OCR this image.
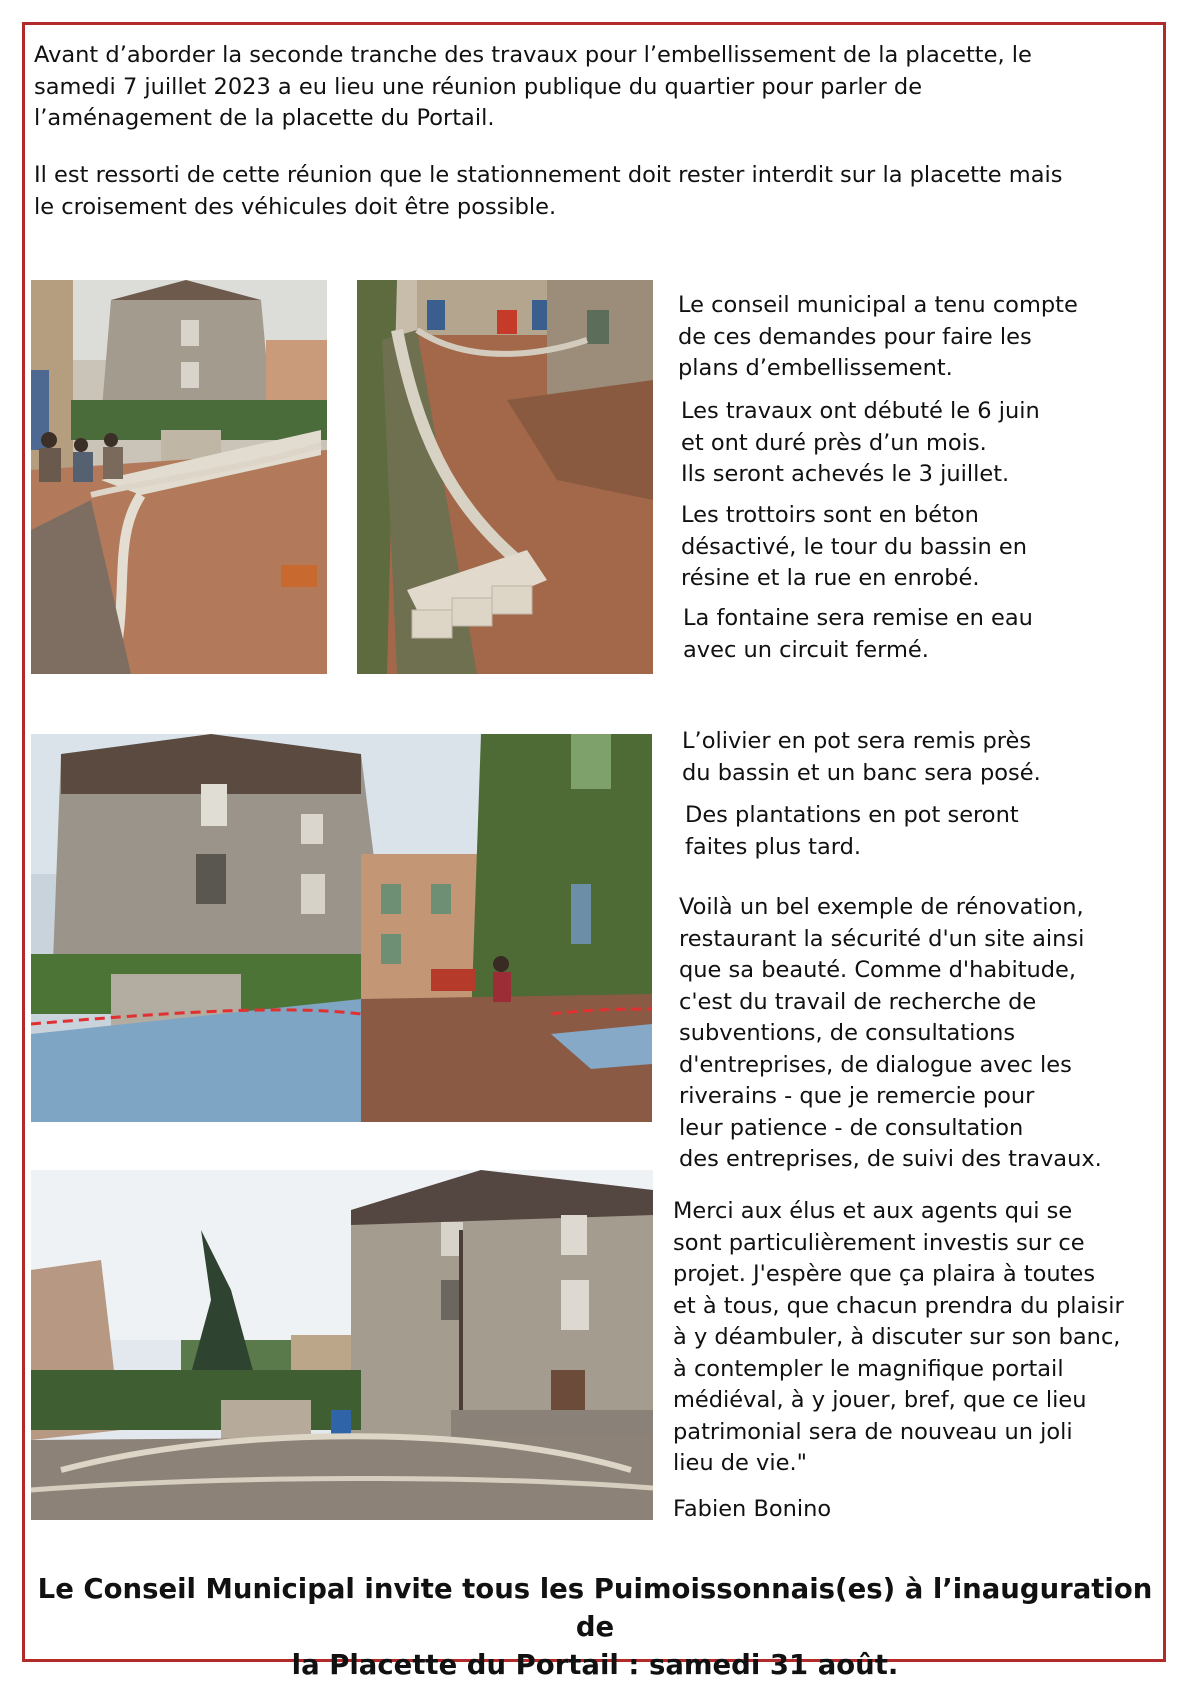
Avant d’aborder la seconde tranche des travaux pour l’embellissement de la placette, le
samedi 7 juillet 2023 a eu lieu une réunion publique du quartier pour parler de
l’aménagement de la placette du Portail.
Il est ressorti de cette réunion que le stationnement doit rester interdit sur la placette mais
le croisement des véhicules doit être possible.
Le conseil municipal a tenu compte
de ces demandes pour faire les
plans d’embellissement.
Les travaux ont débuté le 6 juin
et ont duré près d’un mois.
Ils seront achevés le 3 juillet.
Les trottoirs sont en béton
désactivé, le tour du bassin en
résine et la rue en enrobé.
La fontaine sera remise en eau
avec un circuit fermé.
L’olivier en pot sera remis près
du bassin et un banc sera posé.
Des plantations en pot seront
faites plus tard.
Voilà un bel exemple de rénovation,
restaurant la sécurité d'un site ainsi
que sa beauté. Comme d'habitude,
c'est du travail de recherche de
subventions, de consultations
d'entreprises, de dialogue avec les
riverains - que je remercie pour
leur patience - de consultation
des entreprises, de suivi des travaux.
Merci aux élus et aux agents qui se
sont particulièrement investis sur ce
projet. J'espère que ça plaira à toutes
et à tous, que chacun prendra du plaisir
à y déambuler, à discuter sur son banc,
à contempler le magnifique portail
médiéval, à y jouer, bref, que ce lieu
patrimonial sera de nouveau un joli
lieu de vie."
Fabien Bonino
Le Conseil Municipal invite tous les Puimoissonnais(es) à l’inauguration de
la Placette du Portail : samedi 31 août.
